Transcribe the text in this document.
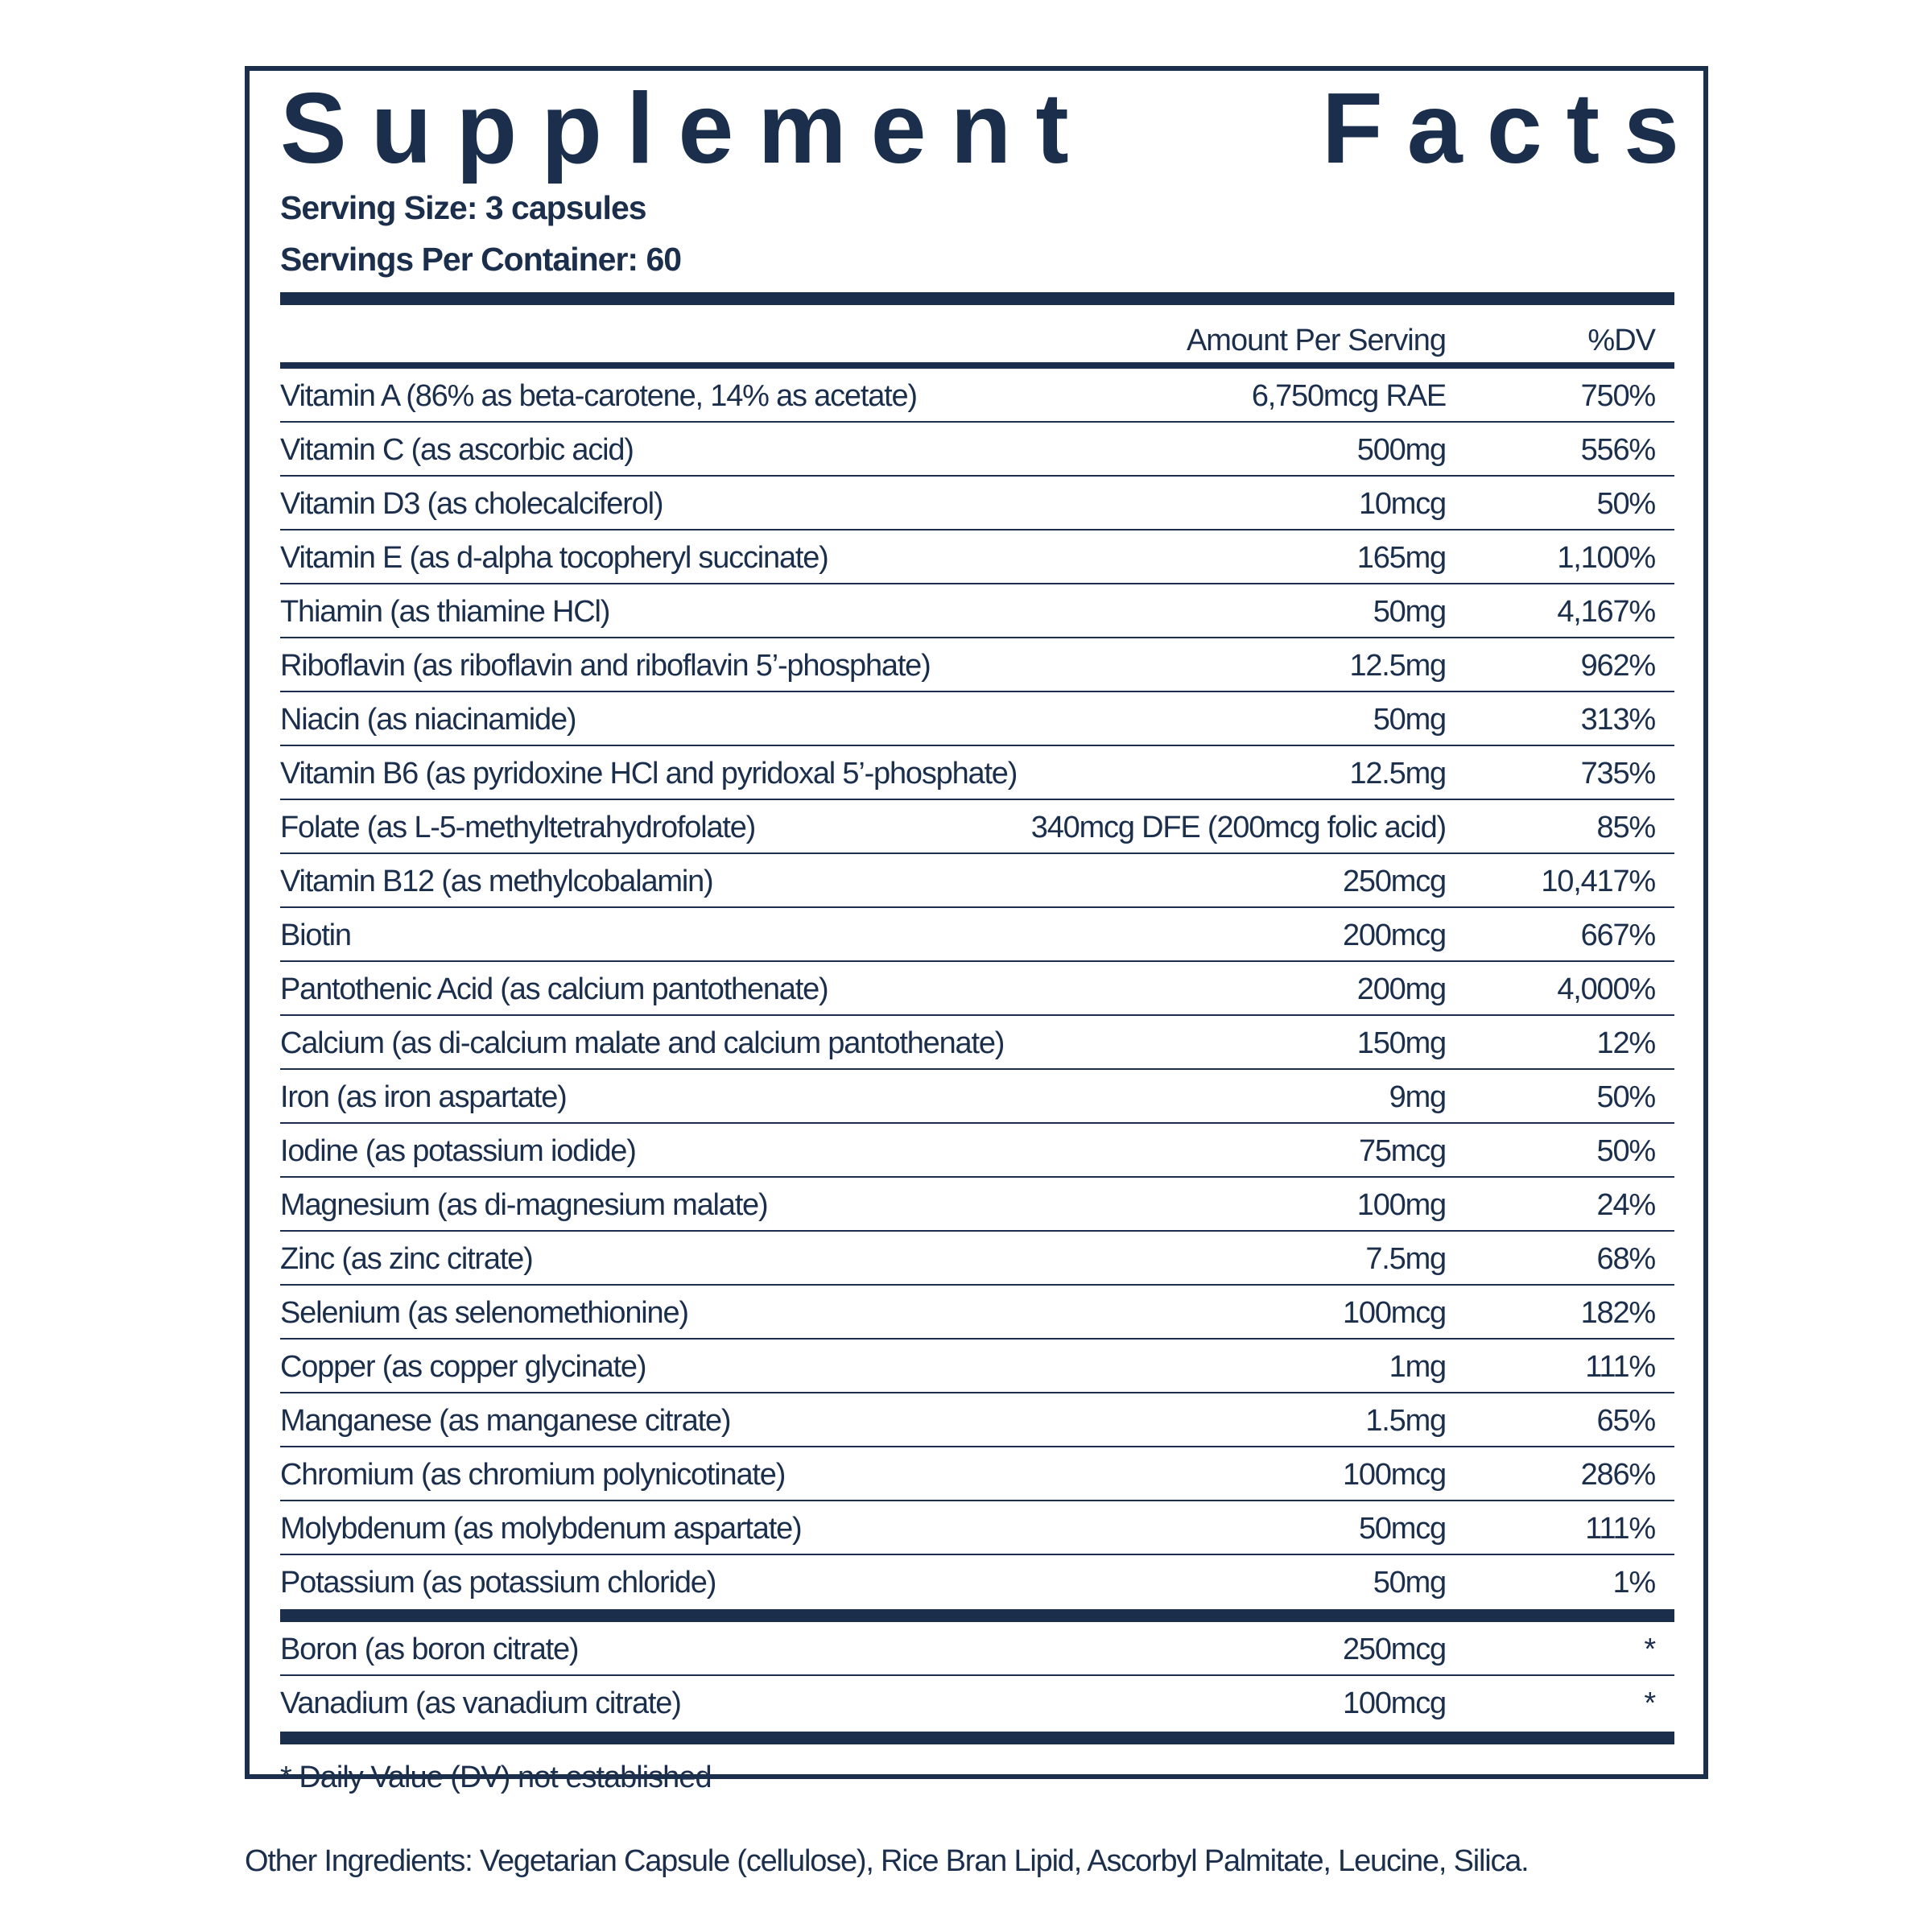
S u p p l e m e n t	F a c t s
Serving Size: 3 capsules
Servings Per Container: 60
Amount Per Serving	%DV
Vitamin A (86% as beta-carotene, 14% as acetate)	6,750mcg RAE	750%
Vitamin C (as ascorbic acid)	500mg	556%
Vitamin D3 (as cholecalciferol)	10mcg	50%
Vitamin E (as d-alpha tocopheryl succinate)	165mg	1,100%
Thiamin (as thiamine HCl)	50mg	4,167%
Riboflavin (as riboflavin and riboflavin 5’-phosphate)	12.5mg	962%
Niacin (as niacinamide)	50mg	313%
Vitamin B6 (as pyridoxine HCl and pyridoxal 5’-phosphate)	12.5mg	735%
Folate (as L-5-methyltetrahydrofolate)	340mcg DFE (200mcg folic acid)	85%
Vitamin B12 (as methylcobalamin)	250mcg	10,417%
Biotin	200mcg	667%
Pantothenic Acid (as calcium pantothenate)	200mg	4,000%
Calcium (as di-calcium malate and calcium pantothenate)	150mg	12%
Iron (as iron aspartate)	9mg	50%
Iodine (as potassium iodide)	75mcg	50%
Magnesium (as di-magnesium malate)	100mg	24%
Zinc (as zinc citrate)	7.5mg	68%
Selenium (as selenomethionine)	100mcg	182%
Copper (as copper glycinate)	1mg	111%
Manganese (as manganese citrate)	1.5mg	65%
Chromium (as chromium polynicotinate)	100mcg	286%
Molybdenum (as molybdenum aspartate)	50mcg	111%
Potassium (as potassium chloride)	50mg	1%
Boron (as boron citrate)	250mcg	*
Vanadium (as vanadium citrate)	100mcg	*
* Daily Value (DV) not established
Other Ingredients: Vegetarian Capsule (cellulose), Rice Bran Lipid, Ascorbyl Palmitate, Leucine, Silica.
